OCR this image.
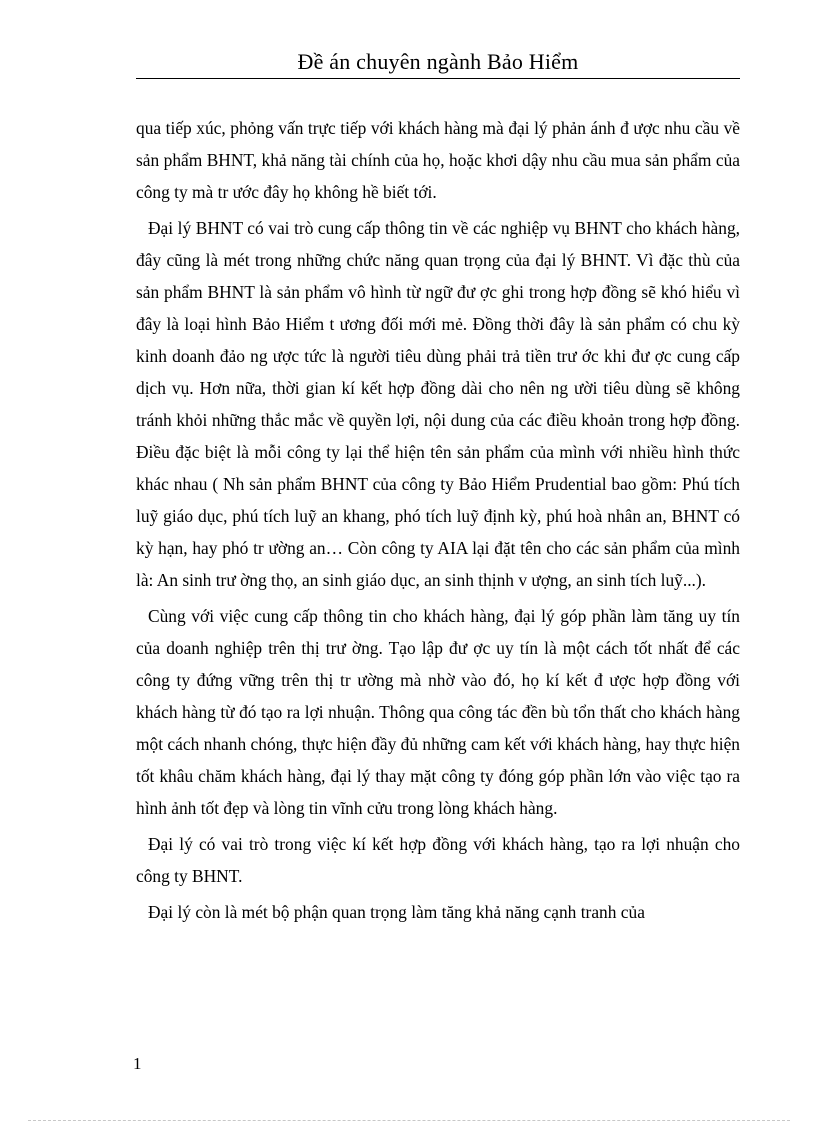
Đề án chuyên ngành Bảo Hiểm

qua tiếp xúc, phỏng vấn trực tiếp với khách hàng mà đại lý phản ánh đ ược nhu cầu về sản phẩm BHNT, khả năng tài chính của họ, hoặc khơi dậy nhu cầu mua sản phẩm của công ty mà tr ước đây họ không hề biết tới.

Đại lý BHNT có vai trò cung cấp thông tin về các nghiệp vụ BHNT cho khách hàng, đây cũng là mét trong những chức năng quan trọng của đại lý BHNT. Vì đặc thù của sản phẩm BHNT là sản phẩm vô hình từ ngữ đư ợc ghi trong hợp đồng sẽ khó hiểu vì đây là loại hình Bảo Hiểm t ương đối mới mẻ. Đồng thời đây là sản phẩm có chu kỳ kinh doanh đảo ng ược tức là người tiêu dùng phải trả tiền trư ớc khi đư ợc cung cấp dịch vụ. Hơn nữa, thời gian kí kết hợp đồng dài cho nên ng ười tiêu dùng sẽ không tránh khỏi những thắc mắc về quyền lợi, nội dung của các điều khoản trong hợp đồng. Điều đặc biệt là mỗi công ty lại thể hiện tên sản phẩm của mình với nhiều hình thức khác nhau ( Nh sản phẩm BHNT của công ty Bảo Hiểm Prudential bao gồm: Phú tích luỹ giáo dục, phú tích luỹ an khang, phó tích luỹ định kỳ, phú hoà nhân an, BHNT có kỳ hạn, hay phó tr ường an… Còn công ty AIA lại đặt tên cho các sản phẩm của mình là: An sinh trư ờng thọ, an sinh giáo dục, an sinh thịnh v ượng, an sinh tích luỹ...).

Cùng với việc cung cấp thông tin cho khách hàng, đại lý góp phần làm tăng uy tín của doanh nghiệp trên thị trư ờng. Tạo lập đư ợc uy tín là một cách tốt nhất để các công ty đứng vững trên thị tr ường mà nhờ vào đó, họ kí kết đ ược hợp đồng với khách hàng từ đó tạo ra lợi nhuận. Thông qua công tác đền bù tổn thất cho khách hàng một cách nhanh chóng, thực hiện đầy đủ những cam kết với khách hàng, hay thực hiện tốt khâu chăm khách hàng, đại lý thay mặt công ty đóng góp phần lớn vào việc tạo ra hình ảnh tốt đẹp và lòng tin vĩnh cửu trong lòng khách hàng.

Đại lý có vai trò trong việc kí kết hợp đồng với khách hàng, tạo ra lợi nhuận cho công ty BHNT.

Đại lý còn là mét bộ phận quan trọng làm tăng khả năng cạnh tranh của

1
